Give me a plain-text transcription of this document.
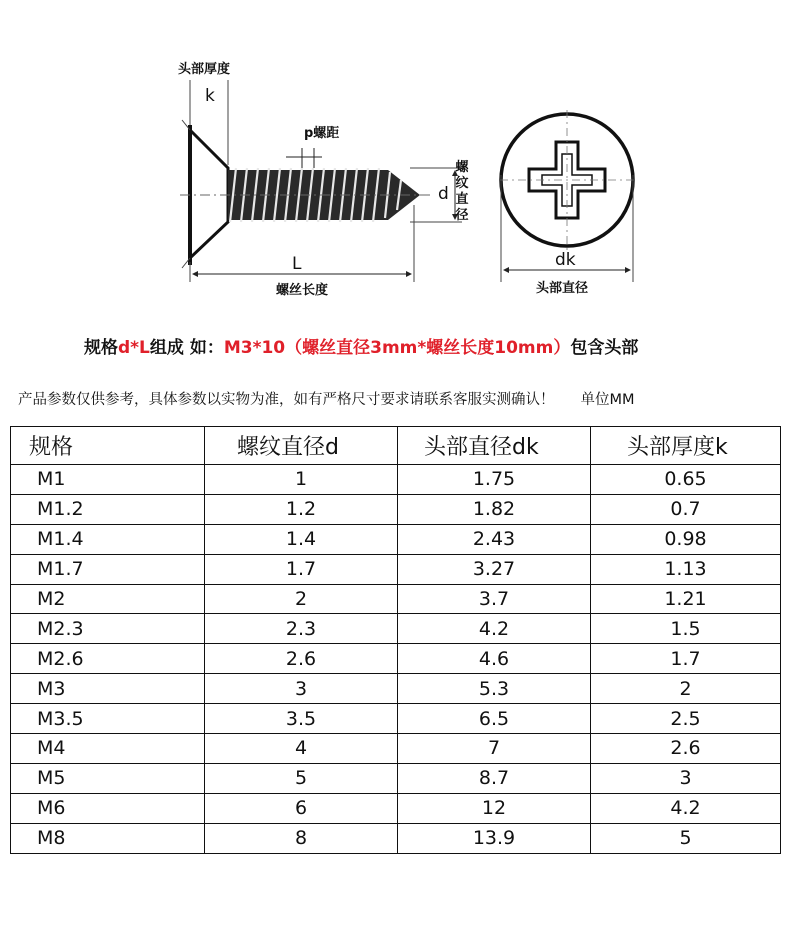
头部厚度
k
p螺距
d
螺
纹
直
径
L
螺丝长度
dk
头部直径
规格d*L组成 如：M3*10（螺丝直径3mm*螺丝长度10mm）包含头部
产品参数仅供参考，具体参数以实物为准，如有严格尺寸要求请联系客服实测确认！ 单位MM
规格	螺纹直径d	头部直径dk	头部厚度k
M1	1	1.75	0.65
M1.2	1.2	1.82	0.7
M1.4	1.4	2.43	0.98
M1.7	1.7	3.27	1.13
M2	2	3.7	1.21
M2.3	2.3	4.2	1.5
M2.6	2.6	4.6	1.7
M3	3	5.3	2
M3.5	3.5	6.5	2.5
M4	4	7	2.6
M5	5	8.7	3
M6	6	12	4.2
M8	8	13.9	5
